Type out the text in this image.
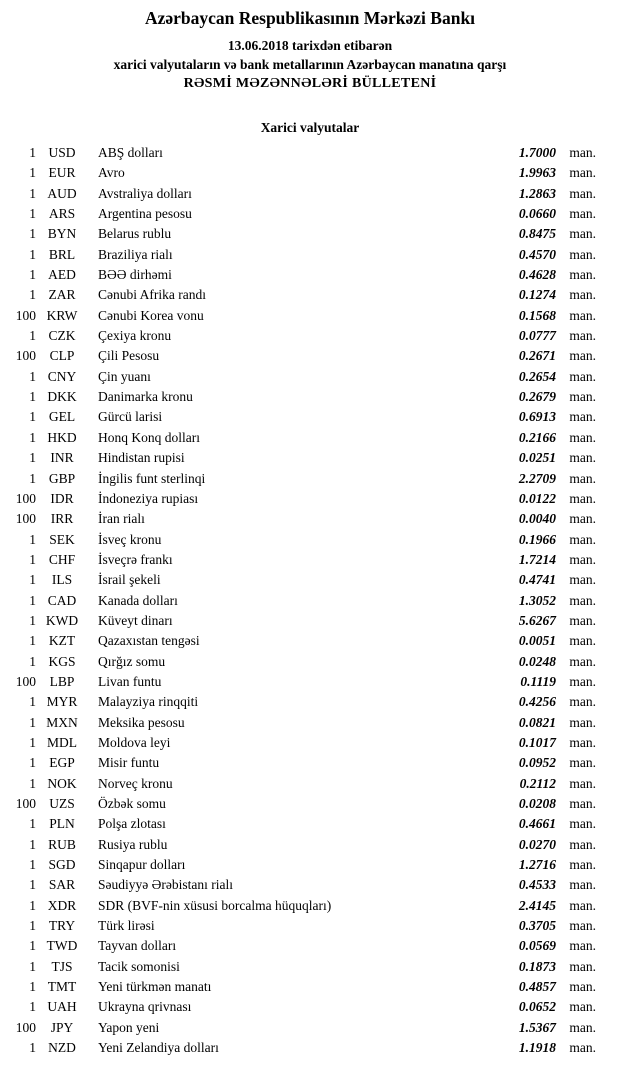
Azərbaycan Respublikasının Mərkəzi Bankı
13.06.2018 tarixdən etibarən
xarici valyutaların və bank metallarının Azərbaycan manatına qarşı
RƏSMİ MƏZƏNNƏLƏRİ BÜLLETENİ
Xarici valyutalar
1 USD	ABŞ dolları	1.7000 man.
1 EUR	Avro	1.9963 man.
1 AUD	Avstraliya dolları	1.2863 man.
1 ARS	Argentina pesosu	0.0660 man.
1 BYN	Belarus rublu	0.8475 man.
1 BRL	Braziliya rialı	0.4570 man.
1 AED	BƏƏ dirhəmi	0.4628 man.
1 ZAR	Cənubi Afrika randı	0.1274 man.
100 KRW	Cənubi Korea vonu	0.1568 man.
1 CZK	Çexiya kronu	0.0777 man.
100	CLP	Çili Pesosu	0.2671 man.
1 CNY	Çin yuanı	0.2654 man.
1 DKK	Danimarka kronu	0.2679 man.
1 GEL	Gürcü larisi	0.6913 man.
1 HKD	Honq Konq dolları	0.2166 man.
1	INR	Hindistan rupisi	0.0251 man.
1 GBP	İngilis funt sterlinqi	2.2709 man.
100	IDR	İndoneziya rupiası	0.0122 man.
100	IRR	İran rialı	0.0040 man.
1 SEK	İsveç kronu	0.1966 man.
1 CHF	İsveçrə frankı	1.7214 man.
1	ILS	İsrail şekeli	0.4741 man.
1 CAD	Kanada dolları	1.3052 man.
1 KWD	Küveyt dinarı	5.6267 man.
1 KZT	Qazaxıstan tengəsi	0.0051 man.
1 KGS	Qırğız somu	0.0248 man.
100	LBP	Livan funtu	0.1119 man.
1 MYR	Malayziya rinqqiti	0.4256 man.
1 MXN	Meksika pesosu	0.0821 man.
1 MDL	Moldova leyi	0.1017 man.
1 EGP	Misir funtu	0.0952 man.
1 NOK	Norveç kronu	0.2112 man.
100 UZS	Özbək somu	0.0208 man.
1 PLN	Polşa zlotası	0.4661 man.
1 RUB	Rusiya rublu	0.0270 man.
1 SGD	Sinqapur dolları	1.2716 man.
1 SAR	Səudiyyə Ərəbistanı rialı	0.4533 man.
1 XDR	SDR (BVF-nin xüsusi borcalma hüquqları)	2.4145 man.
1 TRY	Türk lirəsi	0.3705 man.
1 TWD	Tayvan dolları	0.0569 man.
1	TJS	Tacik somonisi	0.1873 man.
1 TMT	Yeni türkmən manatı	0.4857 man.
1 UAH	Ukrayna qrivnası	0.0652 man.
100	JPY	Yapon yeni	1.5367 man.
1 NZD	Yeni Zelandiya dolları	1.1918 man.
